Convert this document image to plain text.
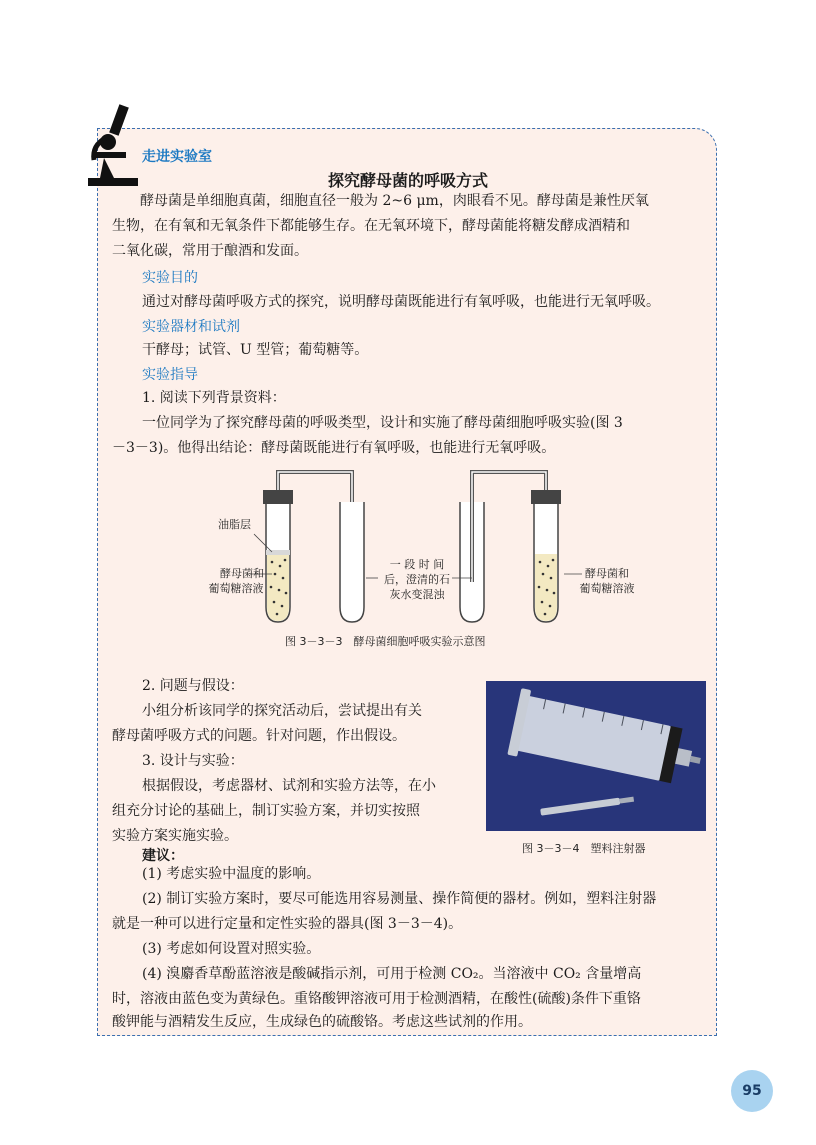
走进实验室
探究酵母菌的呼吸方式
酵母菌是单细胞真菌，细胞直径一般为 2~6 μm，肉眼看不见。酵母菌是兼性厌氧
生物，在有氧和无氧条件下都能够生存。在无氧环境下，酵母菌能将糖发酵成酒精和
二氧化碳，常用于酿酒和发面。
实验目的
通过对酵母菌呼吸方式的探究，说明酵母菌既能进行有氧呼吸，也能进行无氧呼吸。
实验器材和试剂
干酵母；试管、U 型管；葡萄糖等。
实验指导
1. 阅读下列背景资料：
一位同学为了探究酵母菌的呼吸类型，设计和实施了酵母菌细胞呼吸实验(图 3
－3－3)。他得出结论：酵母菌既能进行有氧呼吸，也能进行无氧呼吸。
油脂层
酵母菌和
葡萄糖溶液
一 段 时 间
后，澄清的石
灰水变混浊
酵母菌和
葡萄糖溶液
图 3－3－3　酵母菌细胞呼吸实验示意图
2. 问题与假设：
小组分析该同学的探究活动后，尝试提出有关
酵母菌呼吸方式的问题。针对问题，作出假设。
3. 设计与实验：
根据假设，考虑器材、试剂和实验方法等，在小
组充分讨论的基础上，制订实验方案，并切实按照
实验方案实施实验。
图 3－3－4　塑料注射器
建议：
(1) 考虑实验中温度的影响。
(2) 制订实验方案时，要尽可能选用容易测量、操作简便的器材。例如，塑料注射器
就是一种可以进行定量和定性实验的器具(图 3－3－4)。
(3) 考虑如何设置对照实验。
(4) 溴麝香草酚蓝溶液是酸碱指示剂，可用于检测 CO₂。当溶液中 CO₂ 含量增高
时，溶液由蓝色变为黄绿色。重铬酸钾溶液可用于检测酒精，在酸性(硫酸)条件下重铬
酸钾能与酒精发生反应，生成绿色的硫酸铬。考虑这些试剂的作用。
95
